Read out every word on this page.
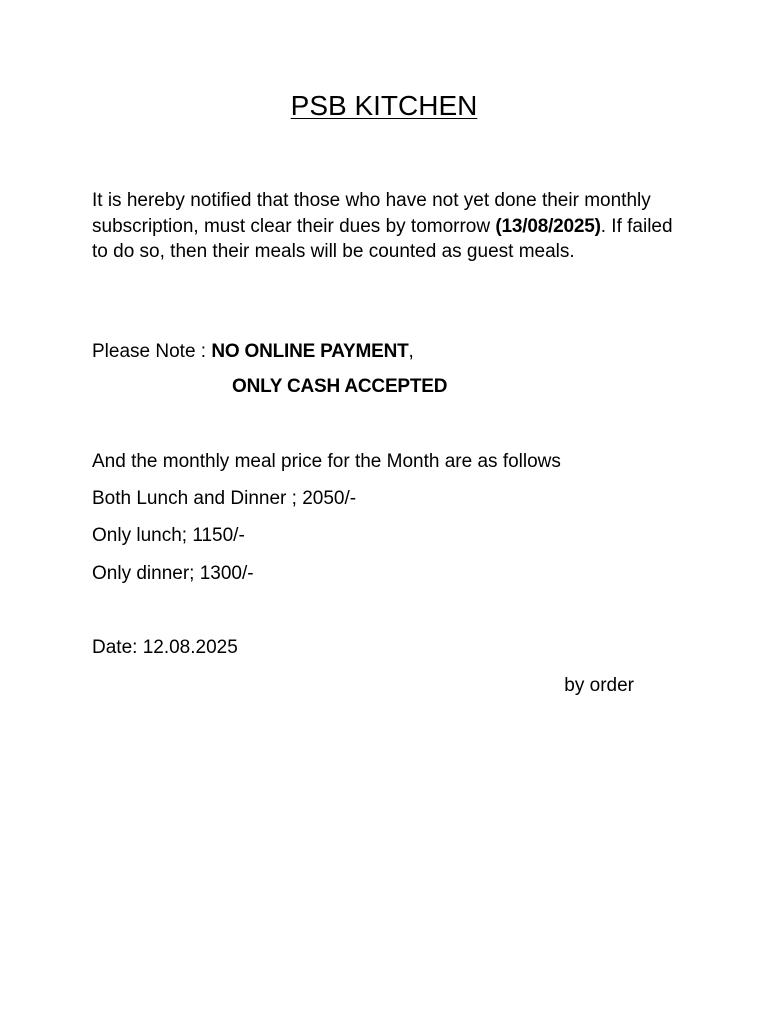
PSB KITCHEN

It is hereby notified that those who have not yet done their monthly subscription, must clear their dues by tomorrow (13/08/2025). If failed to do so, then their meals will be counted as guest meals.

Please Note : NO ONLINE PAYMENT,

ONLY CASH ACCEPTED

And the monthly meal price for the Month are as follows

Both Lunch and Dinner ; 2050/-

Only lunch; 1150/-

Only dinner; 1300/-

Date: 12.08.2025

by order
